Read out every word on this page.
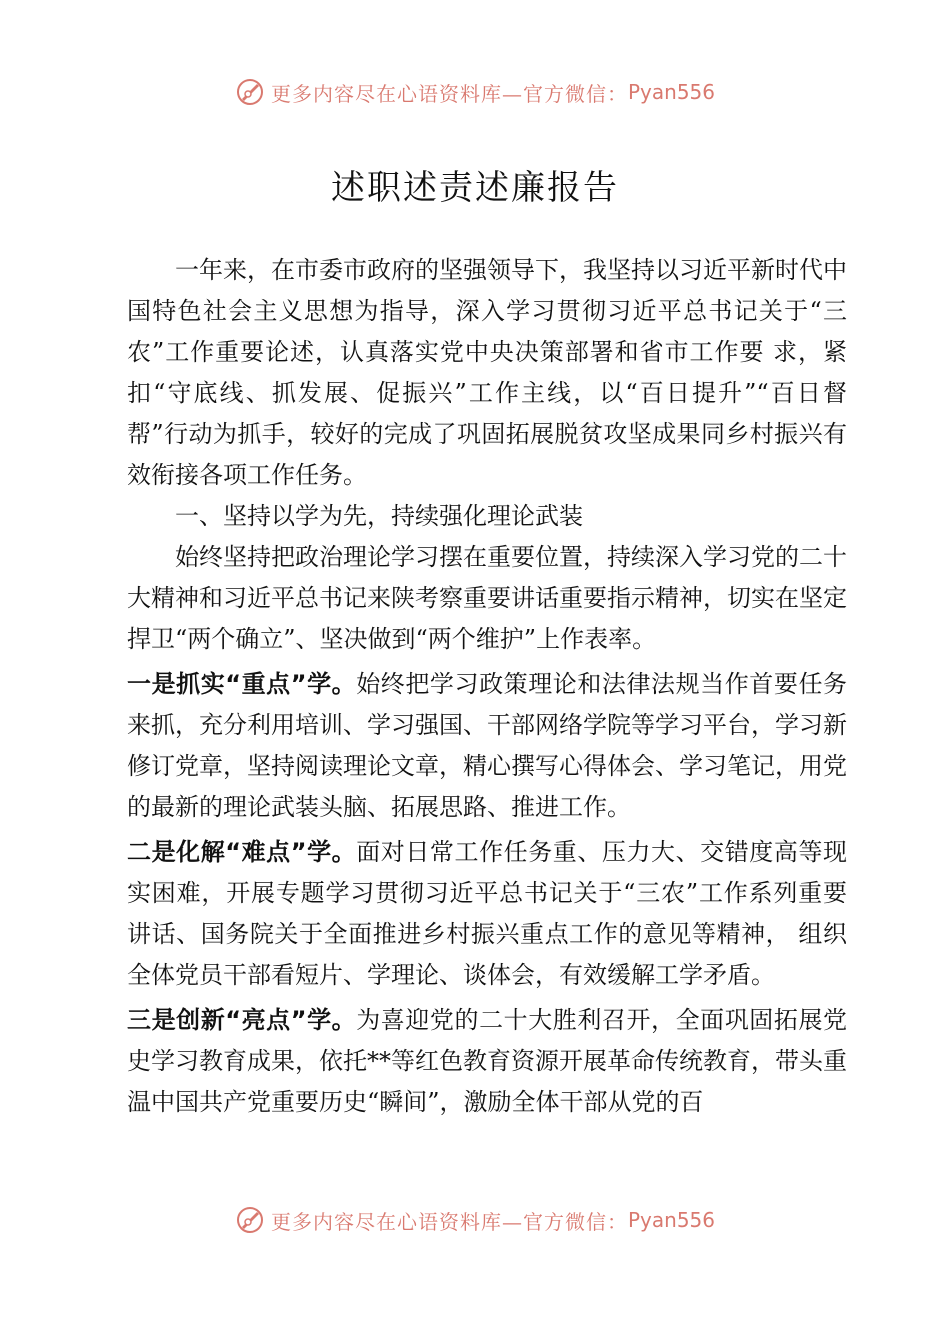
更多内容尽在心语资料库—官方微信： Pyan556
述职述责述廉报告

一年来，在市委市政府的坚强领导下，我坚持以习近平新时代中国特色社会主义思想为指导，深入学习贯彻习近平总书记关于“三农”工作重要论述，认真落实党中央决策部署和省市工作要 求，紧扣“守底线、抓发展、促振兴”工作主线，以“百日提升”“百日督帮”行动为抓手，较好的完成了巩固拓展脱贫攻坚成果同乡村振兴有效衔接各项工作任务。

一、坚持以学为先，持续强化理论武装

始终坚持把政治理论学习摆在重要位置，持续深入学习党的二十大精神和习近平总书记来陕考察重要讲话重要指示精神，切实在坚定捍卫“两个确立”、坚决做到“两个维护”上作表率。

一是抓实“重点”学。始终把学习政策理论和法律法规当作首要任务来抓，充分利用培训、学习强国、干部网络学院等学习平台，学习新修订党章，坚持阅读理论文章，精心撰写心得体会、学习笔记，用党的最新的理论武装头脑、拓展思路、推进工作。

二是化解“难点”学。面对日常工作任务重、压力大、交错度高等现实困难，开展专题学习贯彻习近平总书记关于“三农”工作系列重要讲话、国务院关于全面推进乡村振兴重点工作的意见等精神， 组织全体党员干部看短片、学理论、谈体会，有效缓解工学矛盾。

三是创新“亮点”学。为喜迎党的二十大胜利召开，全面巩固拓展党史学习教育成果，依托**等红色教育资源开展革命传统教育，带头重温中国共产党重要历史“瞬间”，激励全体干部从党的百

更多内容尽在心语资料库—官方微信： Pyan556
